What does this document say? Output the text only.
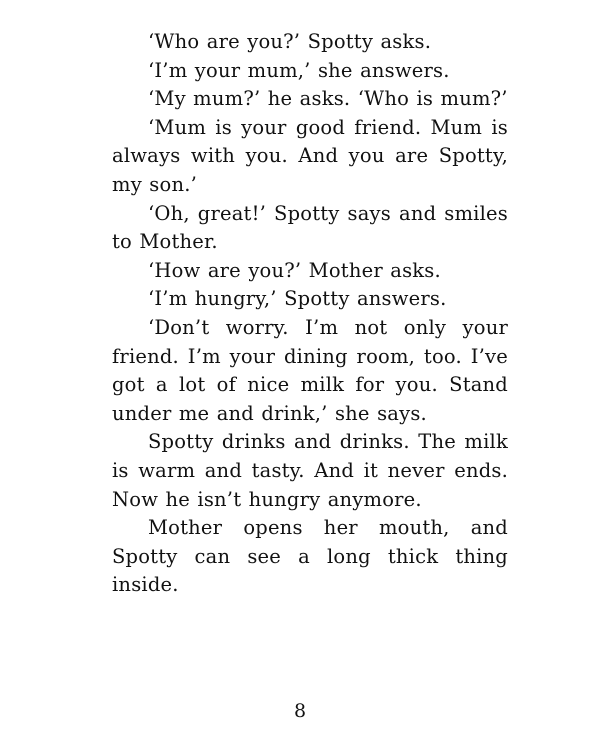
‘Who are you?’ Spotty asks.

‘I’m your mum,’ she answers.

‘My mum?’ he asks. ‘Who is mum?’

‘Mum is your good friend. Mum is always with you. And you are Spotty, my son.’

‘Oh, great!’ Spotty says and smiles to Mother.

‘How are you?’ Mother asks.

‘I’m hungry,’ Spotty answers.

‘Don’t worry. I’m not only your friend. I’m your dining room, too. I’ve got a lot of nice milk for you. Stand under me and drink,’ she says.

Spotty drinks and drinks. The milk is warm and tasty. And it never ends. Now he isn’t hungry anymore.

Mother opens her mouth, and Spotty can see a long thick thing inside.

8
